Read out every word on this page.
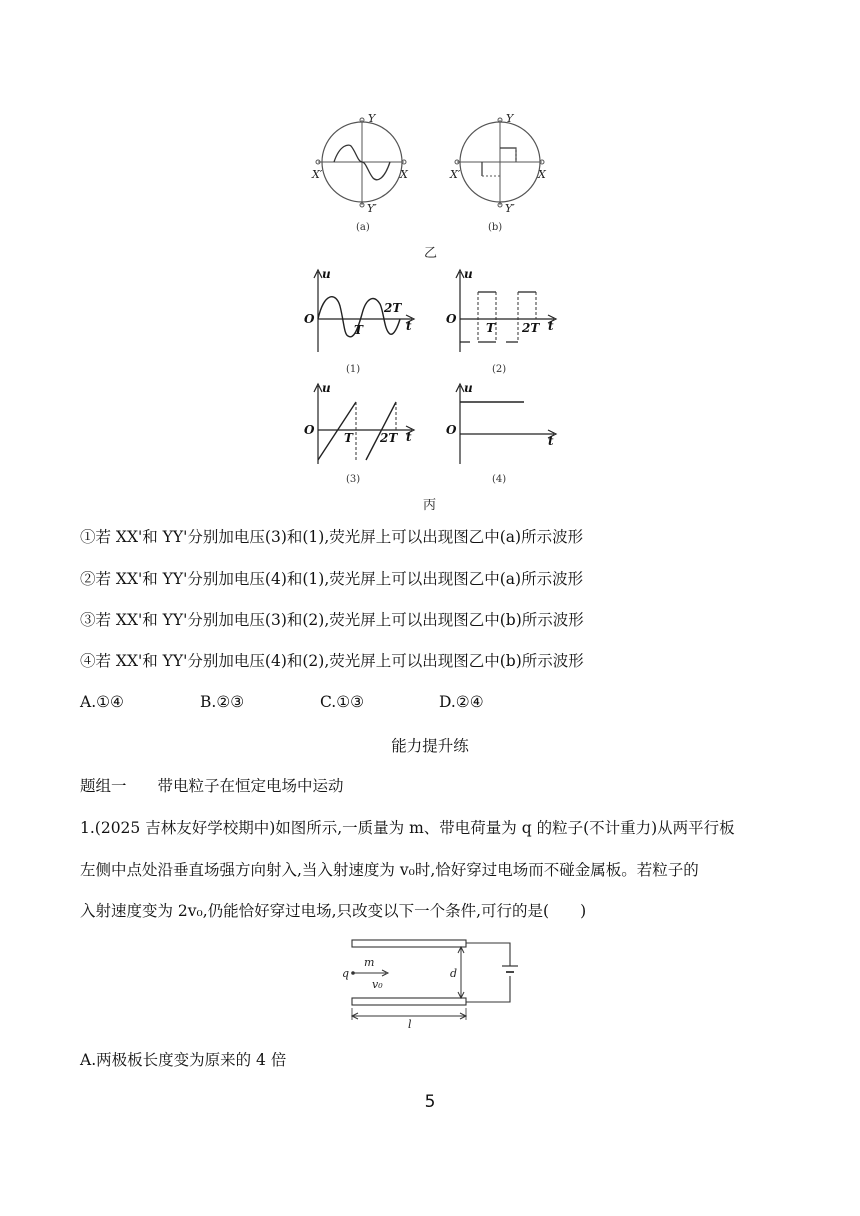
Y
Y′
X′	X
Y
Y′
X′	X
(a)	(b)
乙
u
t
O
T
2T
u
t
O
T 2T
(1)	(2)
u
t
O
T 2T
u
t
O
(3)	(4)
丙
①若 XX'和 YY'分别加电压(3)和(1),荧光屏上可以出现图乙中(a)所示波形
②若 XX'和 YY'分别加电压(4)和(1),荧光屏上可以出现图乙中(a)所示波形
③若 XX'和 YY'分别加电压(3)和(2),荧光屏上可以出现图乙中(b)所示波形
④若 XX'和 YY'分别加电压(4)和(2),荧光屏上可以出现图乙中(b)所示波形
A.①④	B.②③	C.①③	D.②④
能力提升练
题组一　　带电粒子在恒定电场中运动
1.(2025 吉林友好学校期中)如图所示,一质量为 m、带电荷量为 q 的粒子(不计重力)从两平行板
左侧中点处沿垂直场强方向射入,当入射速度为 v₀时,恰好穿过电场而不碰金属板。若粒子的
入射速度变为 2v₀,仍能恰好穿过电场,只改变以下一个条件,可行的是(　　)
q
m
v₀
d
l
A.两极板长度变为原来的 4 倍
5
